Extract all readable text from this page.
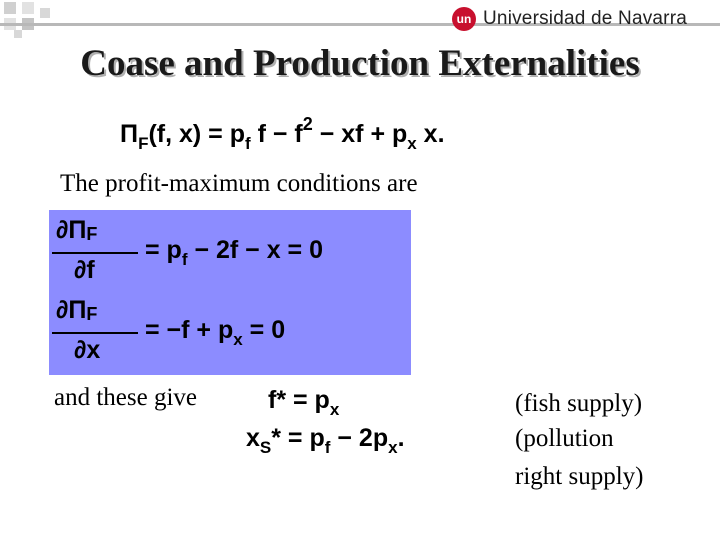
un Universidad de Navarra
Coase and Production Externalities
$\Pi_F(f$, $x) = p_f$ $f - f^2$ − xf + $p_x$ x.
The profit-maximum conditions are
$\partial\Pi_F$
∂f
= $p_f - 2f - x = 0$
$\partial\Pi_F$
∂x
= $-f + p_x = 0$
and these give	$f* = p_x$
$x_S* = p_f - 2p_x$.
(fish supply)
(pollution
right supply)
